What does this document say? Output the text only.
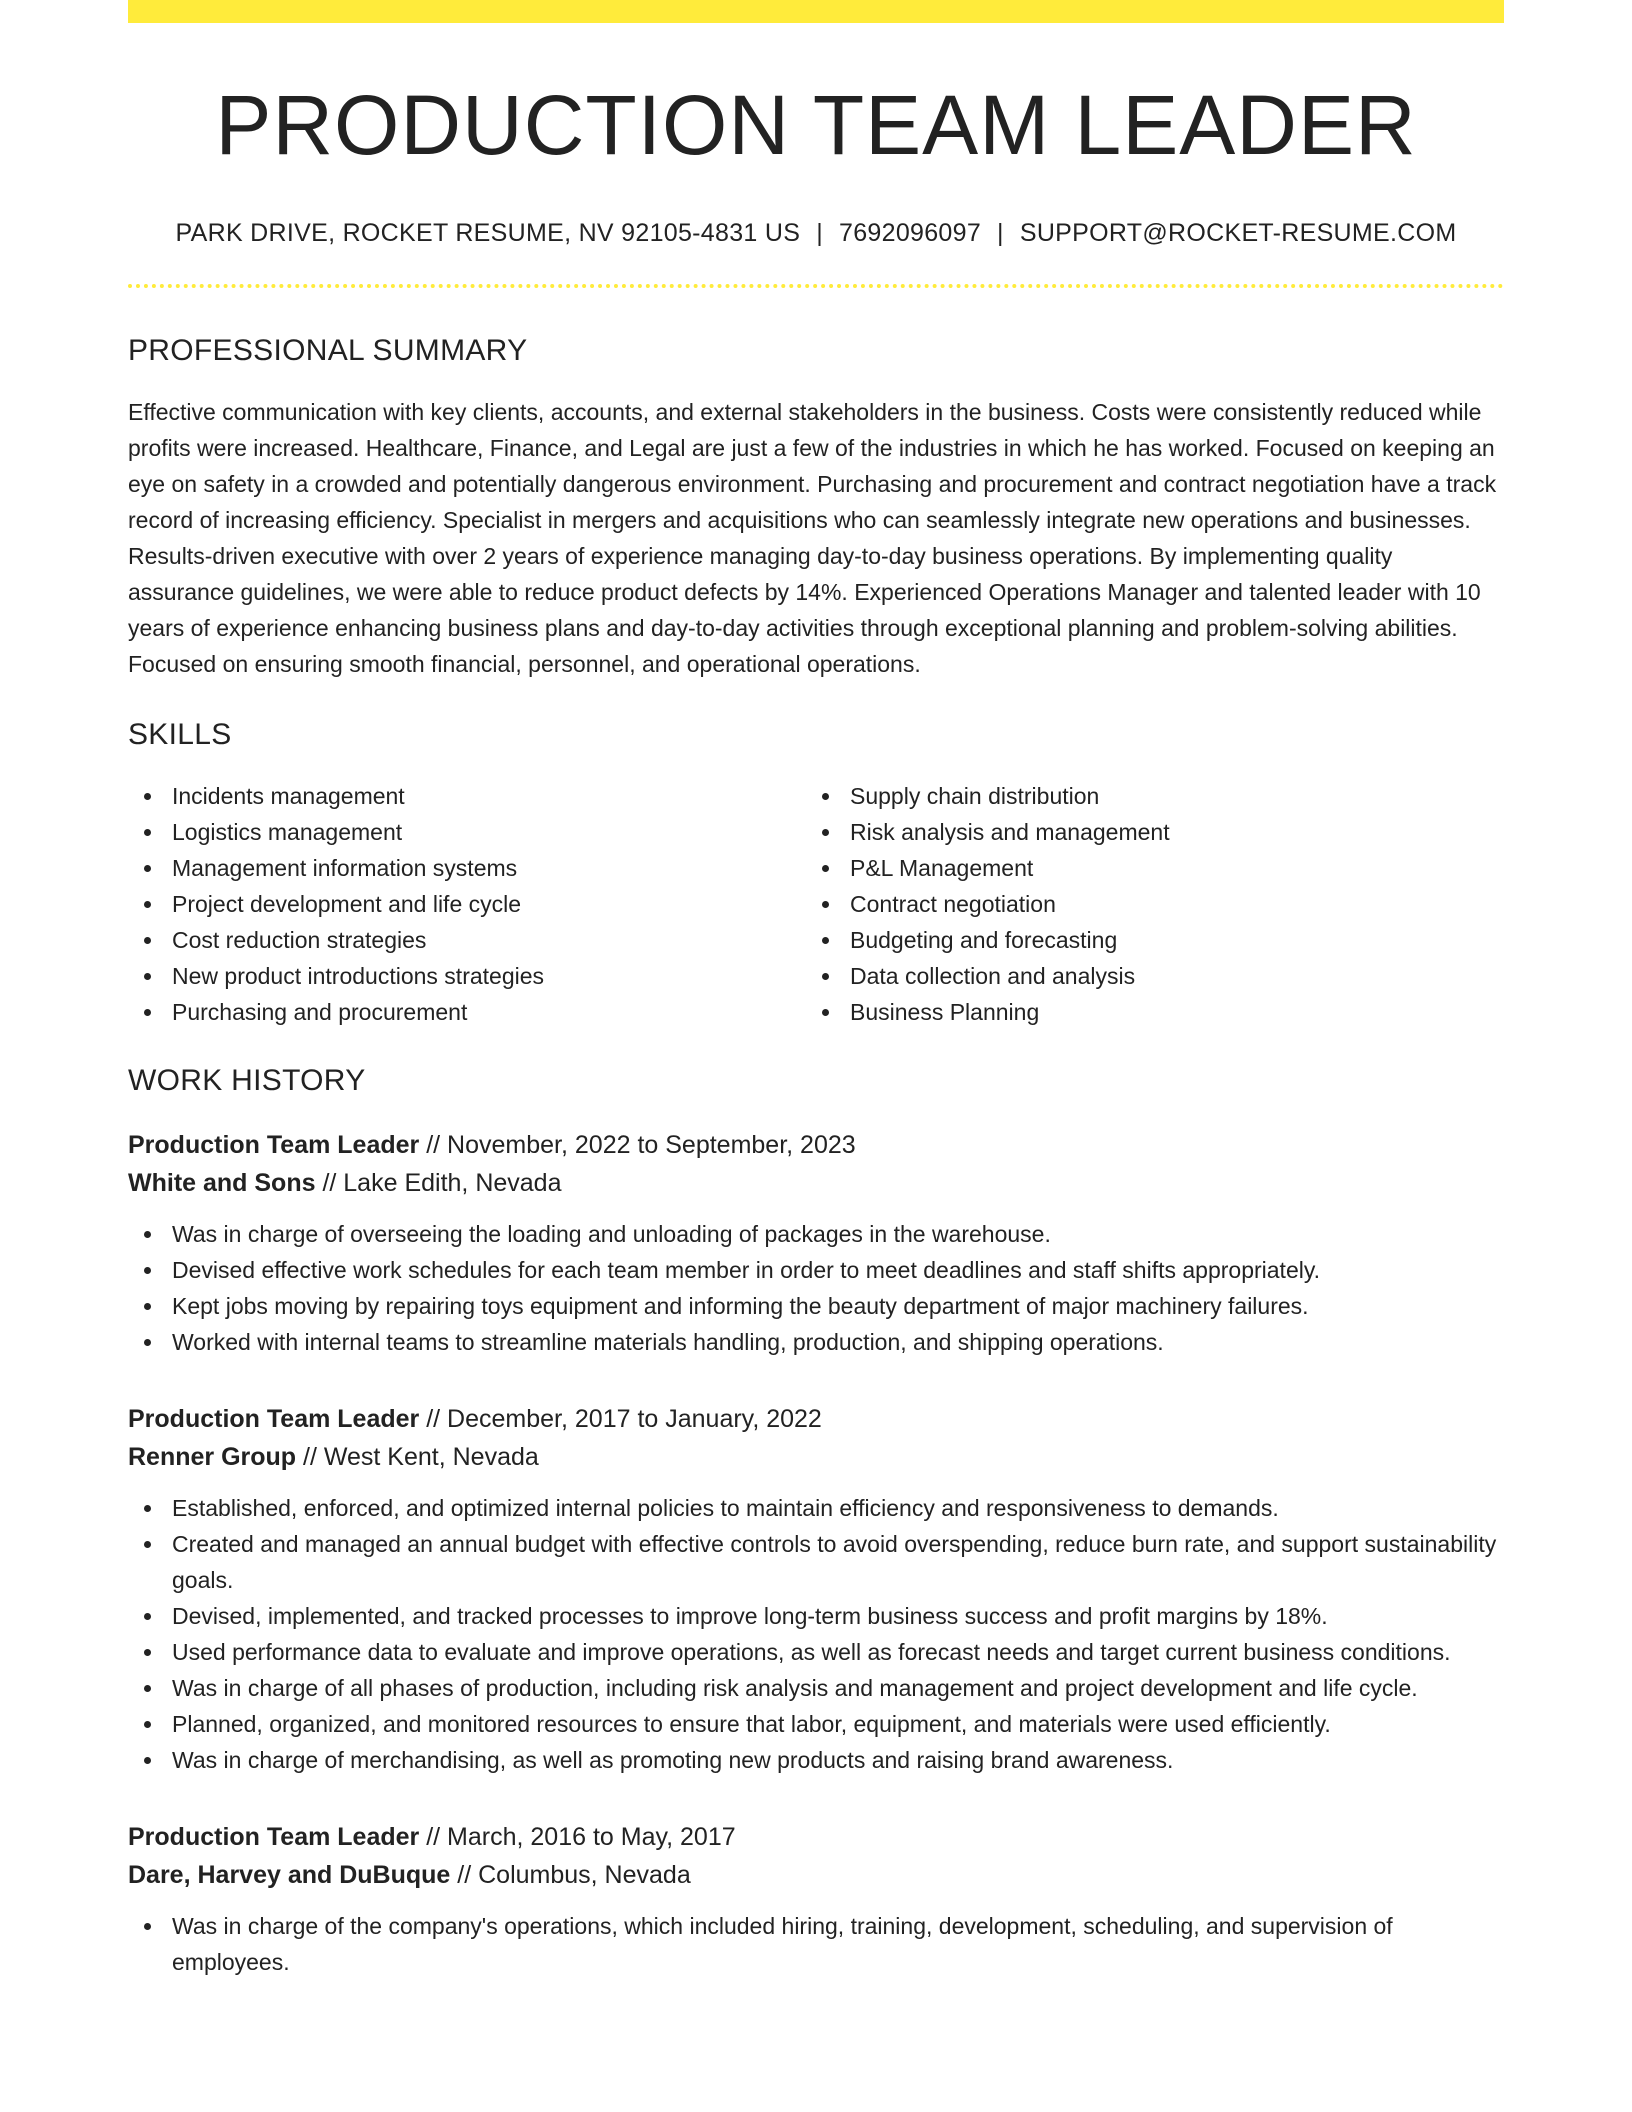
PRODUCTION TEAM LEADER
PARK DRIVE, ROCKET RESUME, NV 92105-4831 US | 7692096097 | SUPPORT@ROCKET-RESUME.COM
PROFESSIONAL SUMMARY

Effective communication with key clients, accounts, and external stakeholders in the business. Costs were consistently reduced while profits were increased. Healthcare, Finance, and Legal are just a few of the industries in which he has worked. Focused on keeping an eye on safety in a crowded and potentially dangerous environment. Purchasing and procurement and contract negotiation have a track record of increasing efficiency. Specialist in mergers and acquisitions who can seamlessly integrate new operations and businesses. Results-driven executive with over 2 years of experience managing day-to-day business operations. By implementing quality assurance guidelines, we were able to reduce product defects by 14%. Experienced Operations Manager and talented leader with 10 years of experience enhancing business plans and day-to-day activities through exceptional planning and problem-solving abilities. Focused on ensuring smooth financial, personnel, and operational operations.

SKILLS
Incidents management
Logistics management
Management information systems
Project development and life cycle
Cost reduction strategies
New product introductions strategies
Purchasing and procurement
Supply chain distribution
Risk analysis and management
P&L Management
Contract negotiation
Budgeting and forecasting
Data collection and analysis
Business Planning
WORK HISTORY
Production Team Leader // November, 2022 to September, 2023
White and Sons // Lake Edith, Nevada
Was in charge of overseeing the loading and unloading of packages in the warehouse.
Devised effective work schedules for each team member in order to meet deadlines and staff shifts appropriately.
Kept jobs moving by repairing toys equipment and informing the beauty department of major machinery failures.
Worked with internal teams to streamline materials handling, production, and shipping operations.
Production Team Leader // December, 2017 to January, 2022
Renner Group // West Kent, Nevada
Established, enforced, and optimized internal policies to maintain efficiency and responsiveness to demands.
Created and managed an annual budget with effective controls to avoid overspending, reduce burn rate, and support sustainability goals.
Devised, implemented, and tracked processes to improve long-term business success and profit margins by 18%.
Used performance data to evaluate and improve operations, as well as forecast needs and target current business conditions.
Was in charge of all phases of production, including risk analysis and management and project development and life cycle.
Planned, organized, and monitored resources to ensure that labor, equipment, and materials were used efficiently.
Was in charge of merchandising, as well as promoting new products and raising brand awareness.
Production Team Leader // March, 2016 to May, 2017
Dare, Harvey and DuBuque // Columbus, Nevada
Was in charge of the company's operations, which included hiring, training, development, scheduling, and supervision of employees.
